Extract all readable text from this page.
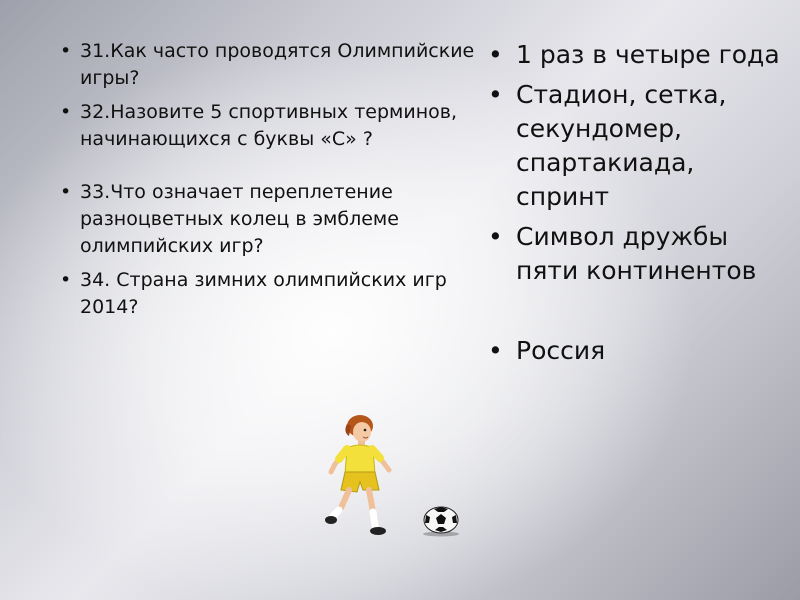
• 31.Как часто проводятся Олимпийские игры?
• 32.Назовите 5 спортивных терминов, начинающихся с буквы «С» ?
• 33.Что означает переплетение разноцветных колец в эмблеме олимпийских игр?
• 34. Страна зимних олимпийских игр 2014?
• 1 раз в четыре года
• Стадион, сетка, секундомер, спартакиада, спринт
• Символ дружбы пяти континентов
• Россия
